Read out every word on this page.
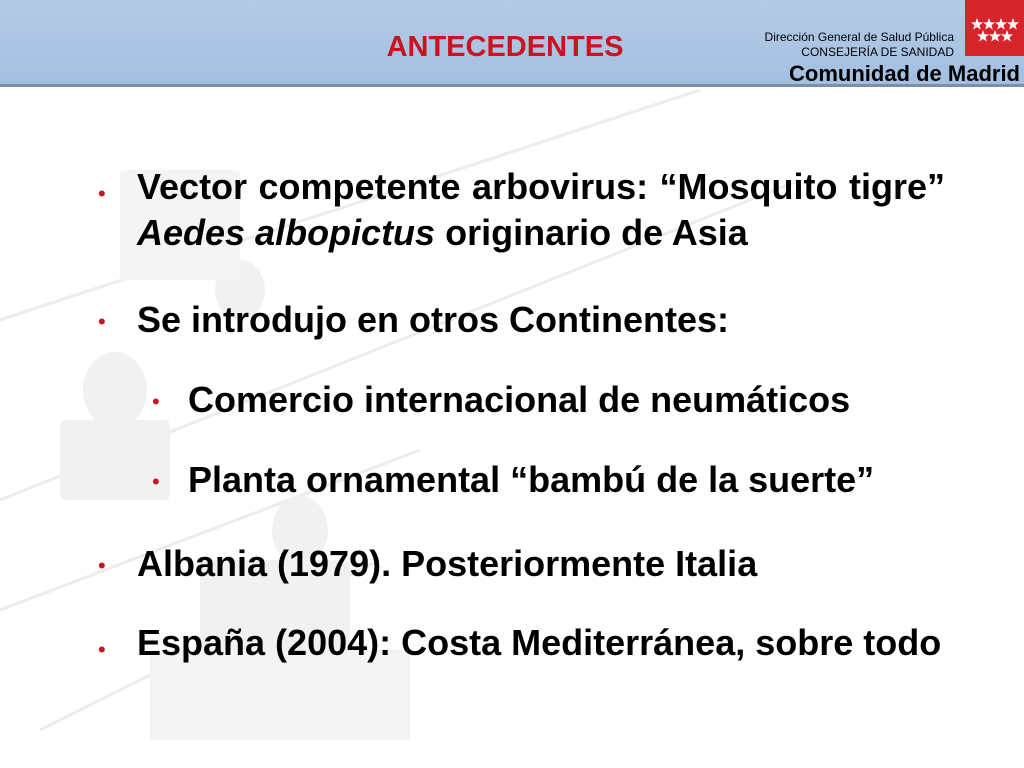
ANTECEDENTES	Dirección General de Salud Pública
CONSEJERÍA DE SANIDAD
Comunidad de Madrid
• Vector competente arbovirus: “Mosquito tigre” Aedes albopictus originario de Asia

• Se introdujo en otros Continentes:

• Comercio internacional de neumáticos

• Planta ornamental “bambú de la suerte”

• Albania (1979). Posteriormente Italia

• España (2004): Costa Mediterránea, sobre todo
